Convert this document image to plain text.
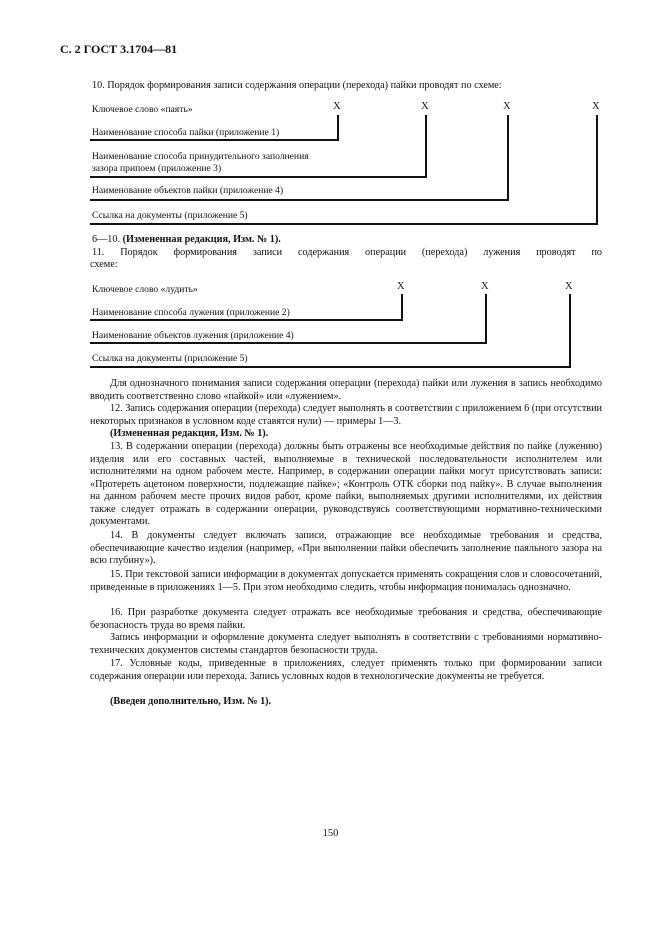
С. 2 ГОСТ 3.1704—81

10. Порядок формирования записи содержания операции (перехода) пайки проводят по схеме:

Ключевое слово «паять»	X	X	X	X
Наименование способа пайки (приложение 1)
Наименование способа принудительного заполнения
зазора припоем (приложение 3)
Наименование объектов пайки (приложение 4)
Ссылка на документы (приложение 5)
6—10. (Измененная редакция, Изм. № 1).
11. Порядок формирования записи содержания операции (перехода) лужения проводят по
схеме:
Ключевое слово «лудить»	X	X	X
Наименование способа лужения (приложение 2)
Наименование объектов лужения (приложение 4)
Ссылка на документы (приложение 5)

Для однозначного понимания записи содержания операции (перехода) пайки или лужения в запись необходимо вводить соответственно слово «пайкой» или «лужением».

12. Запись содержания операции (перехода) следует выполнять в соответствии с приложением 6 (при отсутствии некоторых признаков в условном коде ставятся нули) — примеры 1—3.

(Измененная редакция, Изм. № 1).

13. В содержании операции (перехода) должны быть отражены все необходимые действия по пайке (лужению) изделия или его составных частей, выполняемые в технической последовательности исполнителем или исполнителями на одном рабочем месте. Например, в содержании операции пайки могут присутствовать записи: «Протереть ацетоном поверхности, подлежащие пайке»; «Контроль ОТК сборки под пайку». В случае выполнения на данном рабочем месте прочих видов работ, кроме пайки, выполняемых другими исполнителями, их действия также следует отражать в содержании операции, руководствуясь соответствующими нормативно-техническими документами.

14. В документы следует включать записи, отражающие все необходимые требования и средства, обеспечивающие качество изделия (например, «При выполнении пайки обеспечить заполнение паяльного зазора на всю глубину»).

15. При текстовой записи информации в документах допускается применять сокращения слов и словосочетаний, приведенные в приложениях 1—5. При этом необходимо следить, чтобы информация понималась однозначно.

16. При разработке документа следует отражать все необходимые требования и средства, обеспечивающие безопасность труда во время пайки.

Запись информации и оформление документа следует выполнять в соответствии с требованиями нормативно-технических документов системы стандартов безопасности труда.

17. Условные коды, приведенные в приложениях, следует применять только при формировании записи содержания операции или перехода. Запись условных кодов в технологические документы не требуется.

(Введен дополнительно, Изм. № 1).

150
